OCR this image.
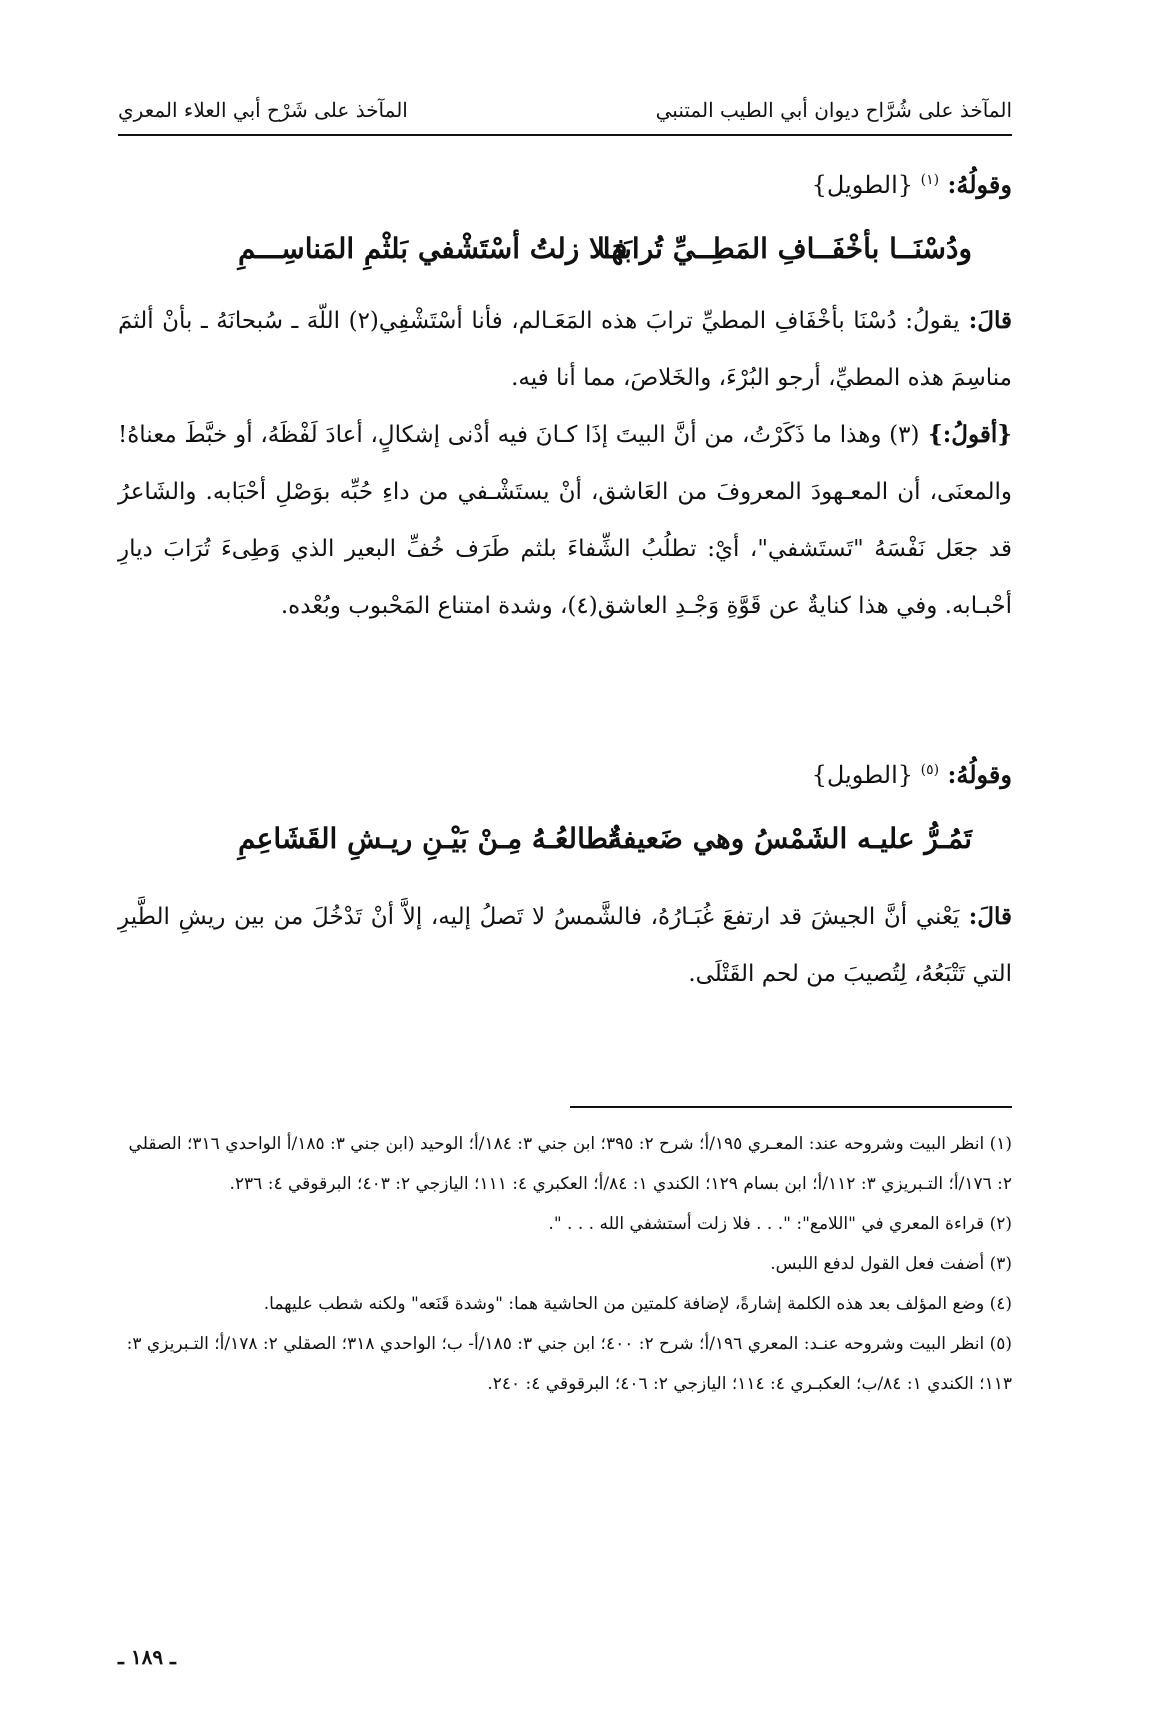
المآخذ على شُرَّاح ديوان أبي الطيب المتنبي
المآخذ على شَرْح أبي العلاء المعري
وقولُهُ: $^{(١)}$ {الطويل}
ودُسْنَــا بأخْفَــافِ المَطِــيِّ تُرابَهَا
فـلا زلتُ أسْتَشْفي بَلثْمِ المَناسِـــمِ
قالَ: يقولُ: دُسْنَا بأخْفَافِ المطيِّ ترابَ هذه المَعَـالم، فأنا أسْتَشْفِي(٢) اللّهَ ـ سُبحانَهُ ـ بأنْ ألثمَ مناسِمَ هذه المطيِّ، أرجو البُرْءَ، والخَلاصَ، مما أنا فيه.
{أقولُ:} (٣) وهذا ما ذَكَرْتُ، من أنَّ البيتَ إذَا كـانَ فيه أدْنى إشكالٍ، أعادَ لَفْظَهُ، أو خبَّطَ معناهُ! والمعنَى، أن المعـهودَ المعروفَ من العَاشق، أنْ يستَشْـفي من داءِ حُبِّه بوَصْلِ أحْبَابه. والشَاعرُ قد جعَل نَفْسَهُ "تَستَشفي"، أيْ: تطلُبُ الشِّفاءَ بلثم طَرَف خُفِّ البعير الذي وَطِىءَ تُرَابَ ديارِ أحْبـابه. وفي هذا كنايةٌ عن قَوَّةِ وَجْـدِ العاشق(٤)، وشدة امتناع المَحْبوب وبُعْده.
وقولُهُ: $^{(٥)}$ {الطويل}
تَمُـرُّ عليـه الشَمْسُ وهي ضَعيفةٌ
تطالعُـهُ مِـنْ بَيْـنِ ريـشِ القَشَاعِمِ
قالَ: يَعْني أنَّ الجيشَ قد ارتفعَ غُبَـارُهُ، فالشَّمسُ لا تَصلُ إليه، إلاَّ أنْ تَدْخُلَ من بين ريشِ الطَّيرِ التي تَتْبَعُهُ، لِتُصيبَ من لحم القَتْلَى.

(١) انظر البيت وشروحه عند: المعـري ١٩٥/أ؛ شرح ٢: ٣٩٥؛ ابن جني ٣: ١٨٤/أ؛ الوحيد (ابن جني ٣: ١٨٥/أ الواحدي ٣١٦؛ الصقلي ٢: ١٧٦/أ؛ التـبريزي ٣: ١١٢/أ؛ ابن بسام ١٢٩؛ الكندي ١: ٨٤/أ؛ العكبري ٤: ١١١؛ اليازجي ٢: ٤٠٣؛ البرقوقي ٤: ٢٣٦.

(٢) قراءة المعري في "اللامع": ". . . فلا زلت أستشفي الله . . . ".

(٣) أضفت فعل القول لدفع اللبس.

(٤) وضع المؤلف بعد هذه الكلمة إشارةً، لإضافة كلمتين من الحاشية هما: "وشدة قَنَعه" ولكنه شطب عليهما.

(٥) انظر البيت وشروحه عنـد: المعري ١٩٦/أ؛ شرح ٢: ٤٠٠؛ ابن جني ٣: ١٨٥/أ- ب؛ الواحدي ٣١٨؛ الصقلي ٢: ١٧٨/أ؛ التـبريزي ٣: ١١٣؛ الكندي ١: ٨٤/ب؛ العكبـري ٤: ١١٤؛ اليازجي ٢: ٤٠٦؛ البرقوقي ٤: ٢٤٠.

ـ ١٨٩ ـ
